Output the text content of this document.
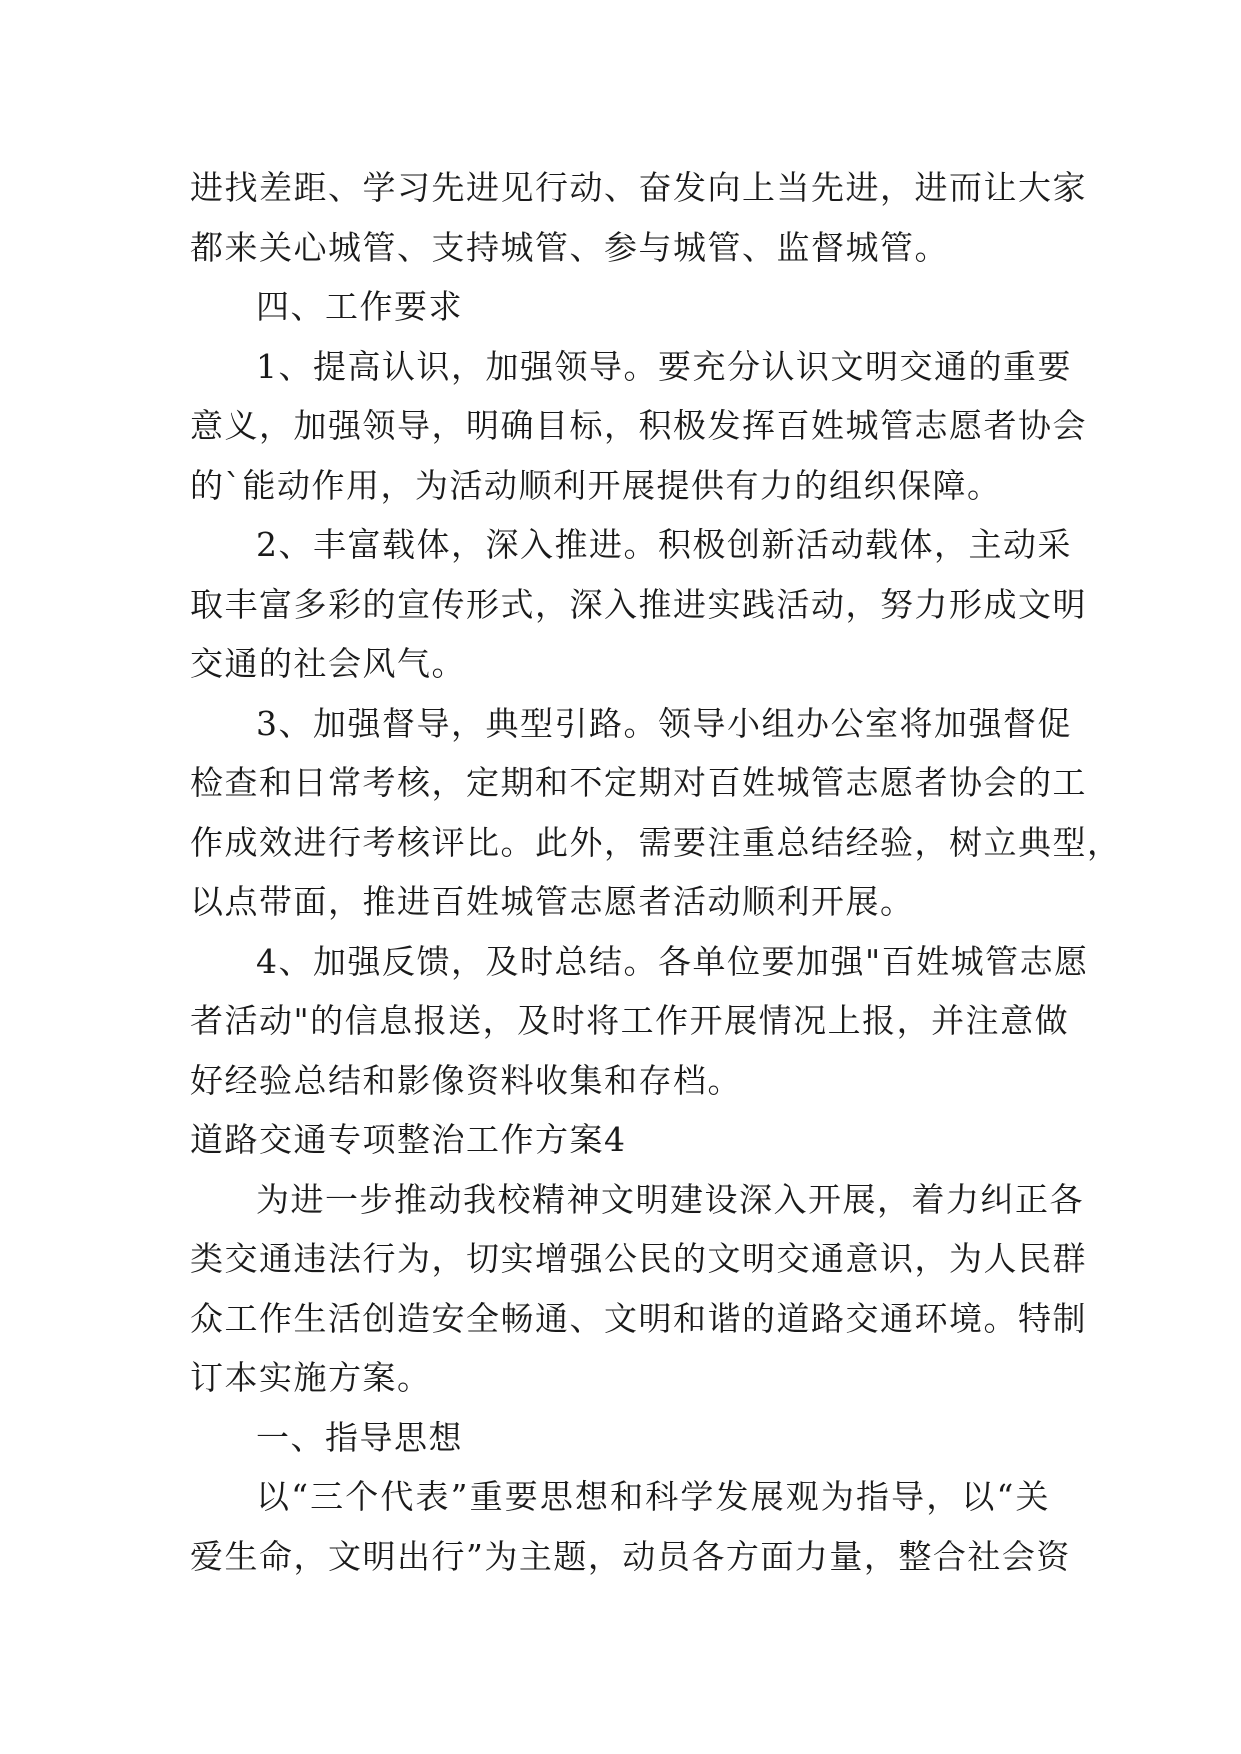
进找差距、学习先进见行动、奋发向上当先进，进而让大家
都来关心城管、支持城管、参与城管、监督城管。
四、工作要求
1、提高认识，加强领导。要充分认识文明交通的重要
意义，加强领导，明确目标，积极发挥百姓城管志愿者协会
的`能动作用，为活动顺利开展提供有力的组织保障。
2、丰富载体，深入推进。积极创新活动载体，主动采
取丰富多彩的宣传形式，深入推进实践活动，努力形成文明
交通的社会风气。
3、加强督导，典型引路。领导小组办公室将加强督促
检查和日常考核，定期和不定期对百姓城管志愿者协会的工
作成效进行考核评比。此外，需要注重总结经验，树立典型，
以点带面，推进百姓城管志愿者活动顺利开展。
4、加强反馈，及时总结。各单位要加强"百姓城管志愿
者活动"的信息报送，及时将工作开展情况上报，并注意做
好经验总结和影像资料收集和存档。
道路交通专项整治工作方案4
为进一步推动我校精神文明建设深入开展，着力纠正各
类交通违法行为，切实增强公民的文明交通意识，为人民群
众工作生活创造安全畅通、文明和谐的道路交通环境。特制
订本实施方案。
一、指导思想
以“三个代表”重要思想和科学发展观为指导，以“关
爱生命，文明出行”为主题，动员各方面力量，整合社会资
